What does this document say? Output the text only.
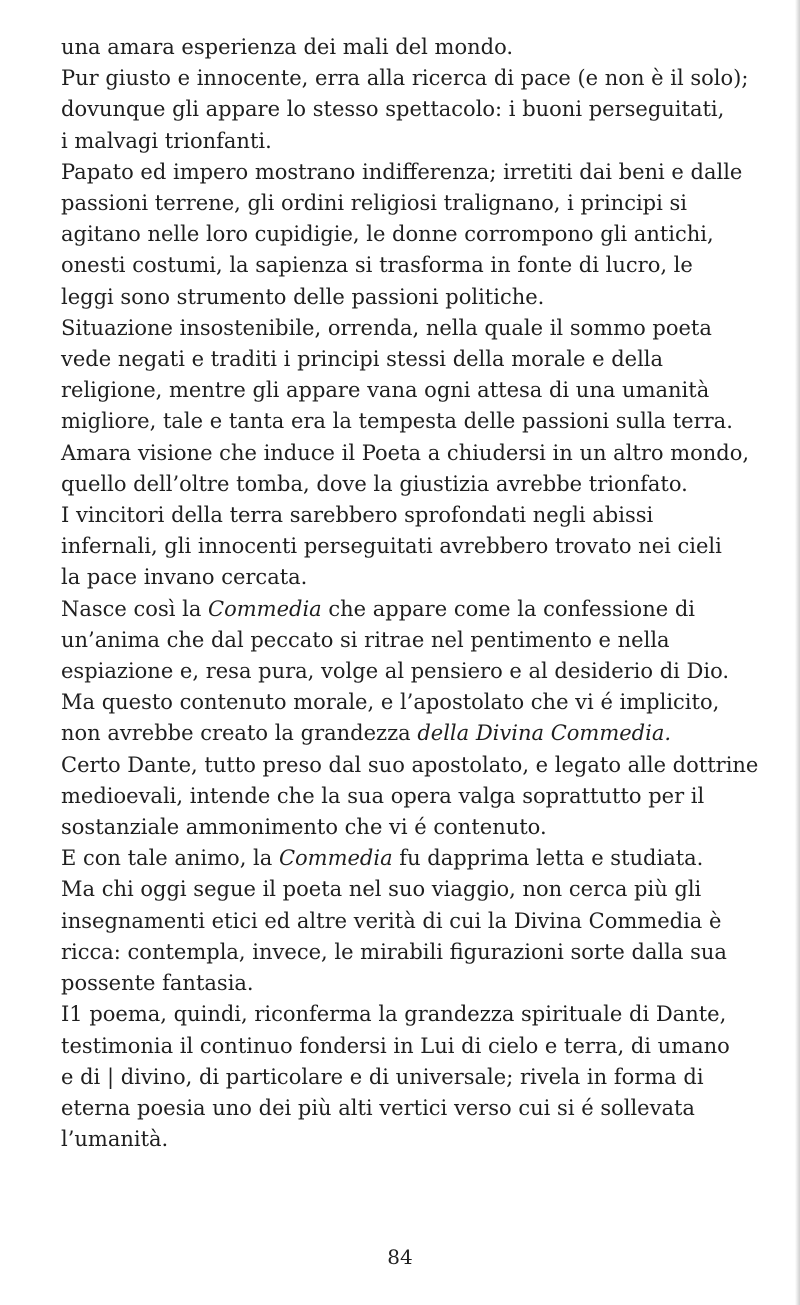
una amara esperienza dei mali del mondo.

Pur giusto e innocente, erra alla ricerca di pace (e non è il solo);
dovunque gli appare lo stesso spettacolo: i buoni perseguitati,
i malvagi trionfanti.

Papato ed impero mostrano indifferenza; irretiti dai beni e dalle
passioni terrene, gli ordini religiosi tralignano, i principi si
agitano nelle loro cupidigie, le donne corrompono gli antichi,
onesti costumi, la sapienza si trasforma in fonte di lucro, le
leggi sono strumento delle passioni politiche.

Situazione insostenibile, orrenda, nella quale il sommo poeta
vede negati e traditi i principi stessi della morale e della
religione, mentre gli appare vana ogni attesa di una umanità
migliore, tale e tanta era la tempesta delle passioni sulla terra.

Amara visione che induce il Poeta a chiudersi in un altro mondo,
quello dell’oltre tomba, dove la giustizia avrebbe trionfato.

I vincitori della terra sarebbero sprofondati negli abissi
infernali, gli innocenti perseguitati avrebbero trovato nei cieli
la pace invano cercata.

Nasce così la Commedia che appare come la confessione di
un’anima che dal peccato si ritrae nel pentimento e nella
espiazione e, resa pura, volge al pensiero e al desiderio di Dio.

Ma questo contenuto morale, e l’apostolato che vi é implicito,
non avrebbe creato la grandezza della Divina Commedia.

Certo Dante, tutto preso dal suo apostolato, e legato alle dottrine
medioevali, intende che la sua opera valga soprattutto per il
sostanziale ammonimento che vi é contenuto.

E con tale animo, la Commedia fu dapprima letta e studiata.

Ma chi oggi segue il poeta nel suo viaggio, non cerca più gli
insegnamenti etici ed altre verità di cui la Divina Commedia è
ricca: contempla, invece, le mirabili figurazioni sorte dalla sua
possente fantasia.

I1 poema, quindi, riconferma la grandezza spirituale di Dante,
testimonia il continuo fondersi in Lui di cielo e terra, di umano
e di | divino, di particolare e di universale; rivela in forma di
eterna poesia uno dei più alti vertici verso cui si é sollevata
l’umanità.

84
